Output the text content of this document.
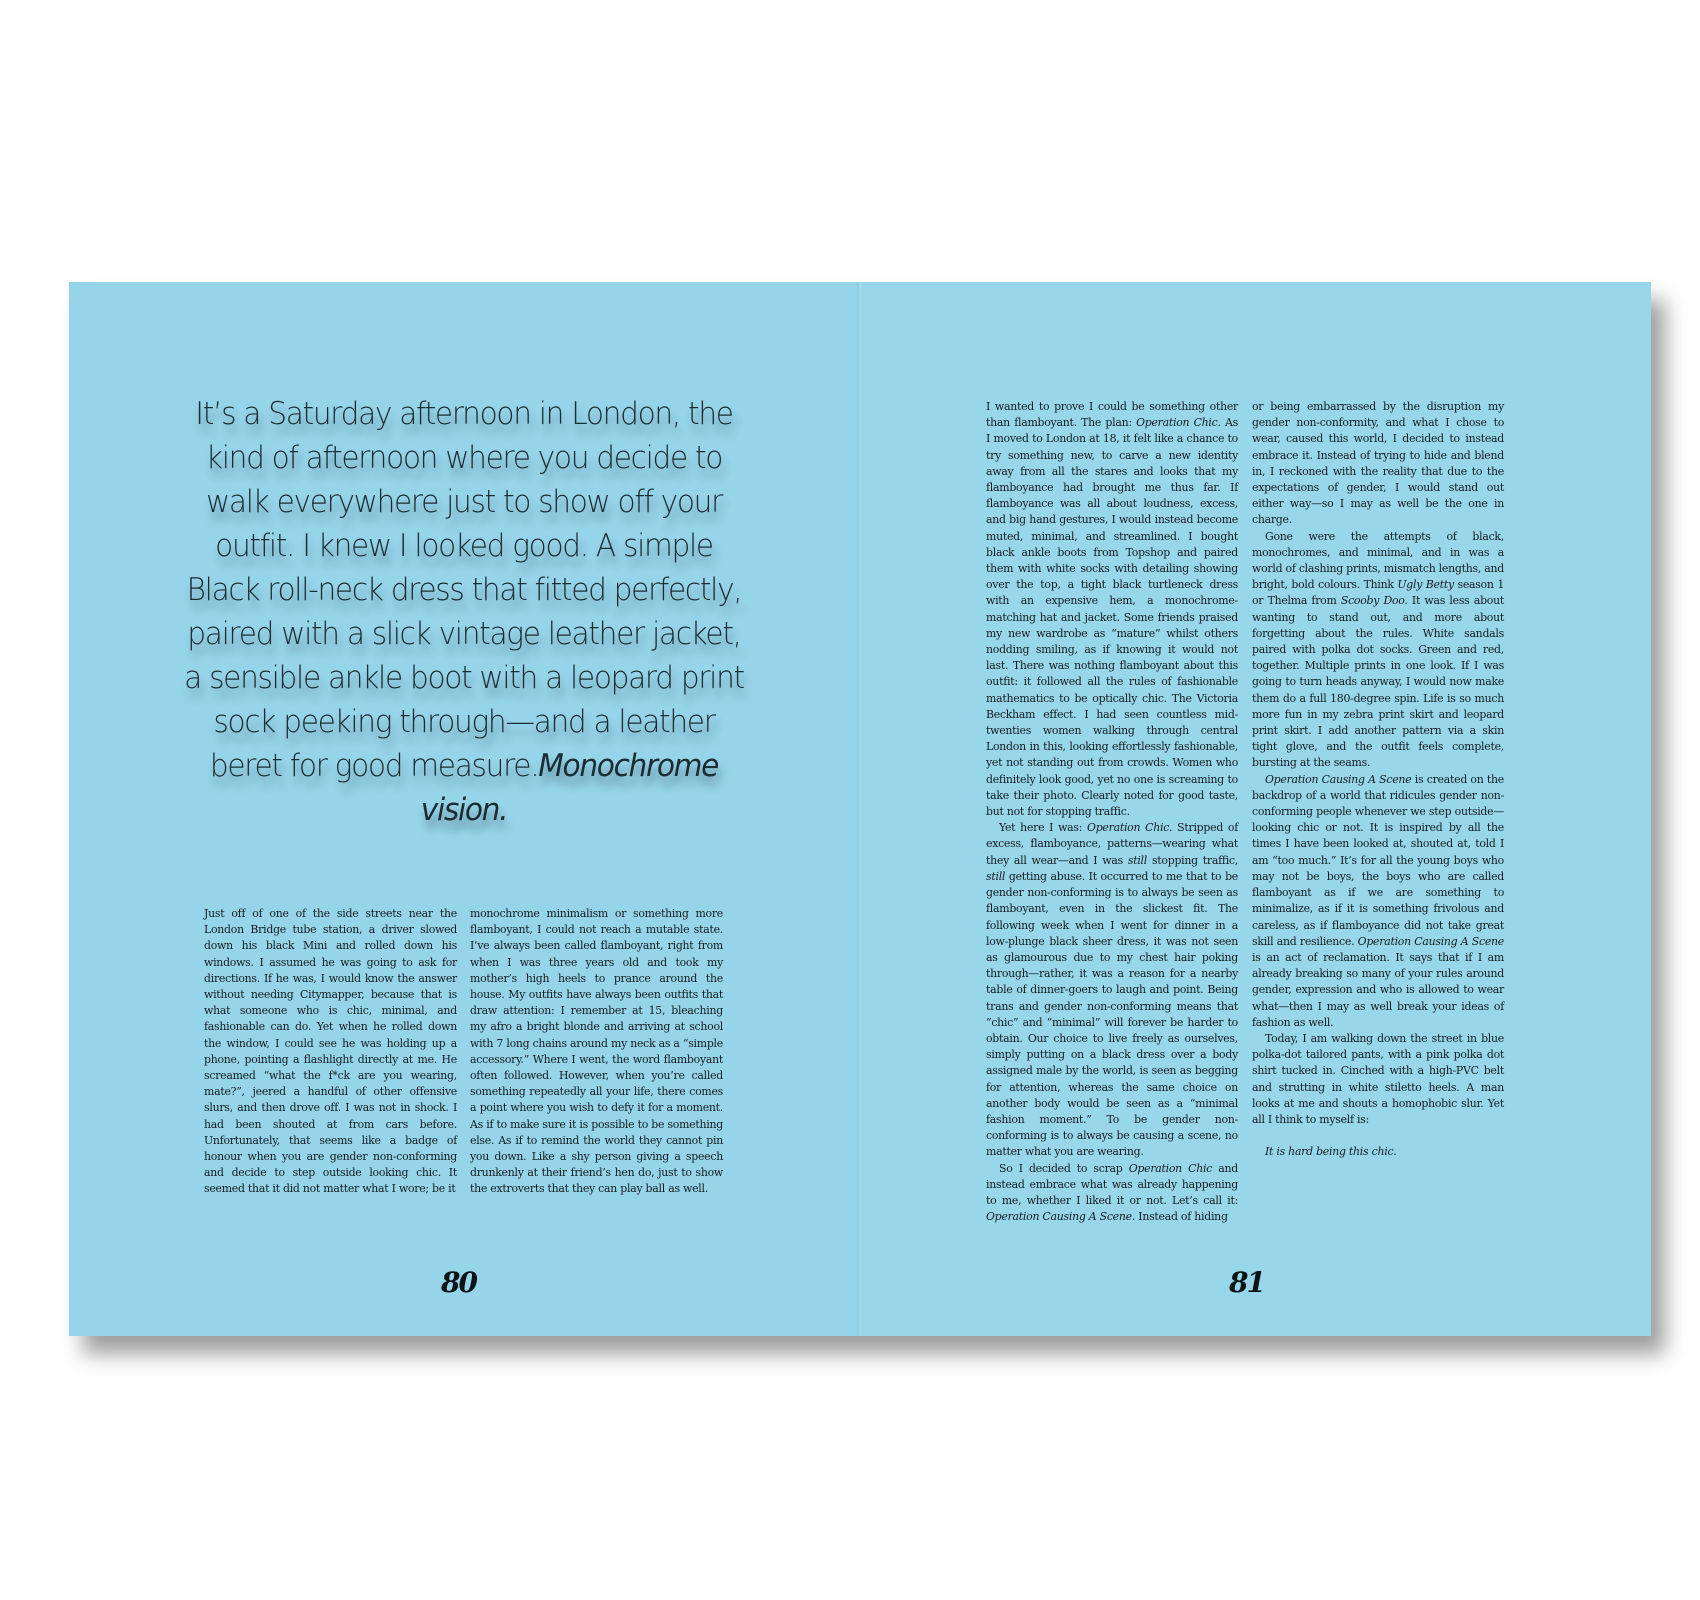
It’s a Saturday afternoon in London, the kind of afternoon where you decide to walk everywhere just to show off your outfit. I knew I looked good. A simple Black roll-neck dress that fitted perfectly, paired with a slick vintage leather jacket, a sensible ankle boot with a leopard print sock peeking through—and a leather beret for good measure.Monochrome vision.

Just off of one of the side streets near the London Bridge tube station, a driver slowed down his black Mini and rolled down his windows. I assumed he was going to ask for directions. If he was, I would know the answer without needing Citymapper, because that is what someone who is chic, minimal, and fashionable can do. Yet when he rolled down the window, I could see he was holding up a phone, pointing a flashlight directly at me. He screamed “what the f*ck are you wearing, mate?”, jeered a handful of other offensive slurs, and then drove off. I was not in shock. I had been shouted at from cars before. Unfortunately, that seems like a badge of honour when you are gender non-conforming and decide to step outside looking chic. It seemed that it did not matter what I wore; be it

monochrome minimalism or something more flamboyant, I could not reach a mutable state. I’ve always been called flamboyant, right from when I was three years old and took my mother’s high heels to prance around the house. My outfits have always been outfits that draw attention: I remember at 15, bleaching my afro a bright blonde and arriving at school with 7 long chains around my neck as a “simple accessory.” Where I went, the word flamboyant often followed. However, when you’re called something repeatedly all your life, there comes a point where you wish to defy it for a moment. As if to make sure it is possible to be something else. As if to remind the world they cannot pin you down. Like a shy person giving a speech drunkenly at their friend’s hen do, just to show the extroverts that they can play ball as well.

80

I wanted to prove I could be something other than flamboyant. The plan: Operation Chic. As I moved to London at 18, it felt like a chance to try something new, to carve a new identity away from all the stares and looks that my flamboyance had brought me thus far. If flamboyance was all about loudness, excess, and big hand gestures, I would instead become muted, minimal, and streamlined. I bought black ankle boots from Topshop and paired them with white socks with detailing showing over the top, a tight black turtleneck dress with an expensive hem, a monochrome-matching hat and jacket. Some friends praised my new wardrobe as “mature” whilst others nodding smiling, as if knowing it would not last. There was nothing flamboyant about this outfit: it followed all the rules of fashionable mathematics to be optically chic. The Victoria Beckham effect. I had seen countless mid-twenties women walking through central London in this, looking effortlessly fashionable, yet not standing out from crowds. Women who definitely look good, yet no one is screaming to take their photo. Clearly noted for good taste, but not for stopping traffic.

Yet here I was: Operation Chic. Stripped of excess, flamboyance, patterns—wearing what they all wear—and I was still stopping traffic, still getting abuse. It occurred to me that to be gender non-conforming is to always be seen as flamboyant, even in the slickest fit. The following week when I went for dinner in a low-plunge black sheer dress, it was not seen as glamourous due to my chest hair poking through—rather, it was a reason for a nearby table of dinner-goers to laugh and point. Being trans and gender non-conforming means that “chic” and “minimal” will forever be harder to obtain. Our choice to live freely as ourselves, simply putting on a black dress over a body assigned male by the world, is seen as begging for attention, whereas the same choice on another body would be seen as a “minimal fashion moment.” To be gender non-conforming is to always be causing a scene, no matter what you are wearing.

So I decided to scrap Operation Chic and instead embrace what was already happening to me, whether I liked it or not. Let’s call it: Operation Causing A Scene. Instead of hiding

or being embarrassed by the disruption my gender non-conformity, and what I chose to wear, caused this world, I decided to instead embrace it. Instead of trying to hide and blend in, I reckoned with the reality that due to the expectations of gender, I would stand out either way—so I may as well be the one in charge.

Gone were the attempts of black, monochromes, and minimal, and in was a world of clashing prints, mismatch lengths, and bright, bold colours. Think Ugly Betty season 1 or Thelma from Scooby Doo. It was less about wanting to stand out, and more about forgetting about the rules. White sandals paired with polka dot socks. Green and red, together. Multiple prints in one look. If I was going to turn heads anyway, I would now make them do a full 180-degree spin. Life is so much more fun in my zebra print skirt and leopard print skirt. I add another pattern via a skin tight glove, and the outfit feels complete, bursting at the seams.

Operation Causing A Scene is created on the backdrop of a world that ridicules gender non-conforming people whenever we step outside—looking chic or not. It is inspired by all the times I have been looked at, shouted at, told I am “too much.” It’s for all the young boys who may not be boys, the boys who are called flamboyant as if we are something to minimalize, as if it is something frivolous and careless, as if flamboyance did not take great skill and resilience. Operation Causing A Scene is an act of reclamation. It says that if I am already breaking so many of your rules around gender, expression and who is allowed to wear what—then I may as well break your ideas of fashion as well.

Today, I am walking down the street in blue polka-dot tailored pants, with a pink polka dot shirt tucked in. Cinched with a high-PVC belt and strutting in white stiletto heels. A man looks at me and shouts a homophobic slur. Yet all I think to myself is:

It is hard being this chic.

81
